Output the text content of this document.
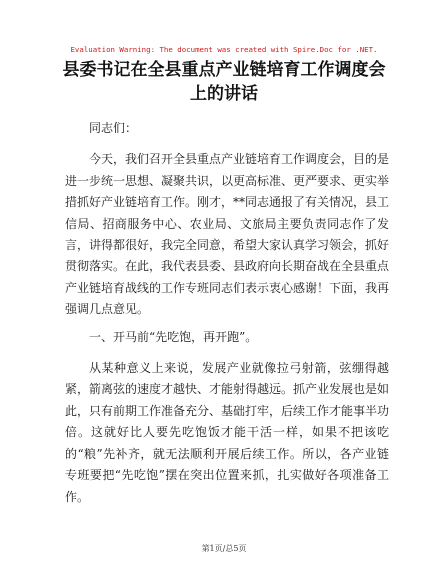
Evaluation Warning: The document was created with Spire.Doc for .NET.
县委书记在全县重点产业链培育工作调度会上的讲话

同志们：

今天，我们召开全县重点产业链培育工作调度会，目的是进一步统一思想、凝聚共识，以更高标准、更严要求、更实举措抓好产业链培育工作。刚才，**同志通报了有关情况，县工信局、招商服务中心、农业局、文旅局主要负责同志作了发言，讲得都很好，我完全同意，希望大家认真学习领会，抓好贯彻落实。在此，我代表县委、县政府向长期奋战在全县重点产业链培育战线的工作专班同志们表示衷心感谢！下面，我再强调几点意见。

一、开马前“先吃饱，再开跑”。

从某种意义上来说，发展产业就像拉弓射箭，弦绷得越紧，箭离弦的速度才越快、才能射得越远。抓产业发展也是如此，只有前期工作准备充分、基础打牢，后续工作才能事半功倍。这就好比人要先吃饱饭才能干活一样，如果不把该吃的“粮”先补齐，就无法顺利开展后续工作。所以，各产业链专班要把“先吃饱”摆在突出位置来抓，扎实做好各项准备工作。

第1页/总5页
